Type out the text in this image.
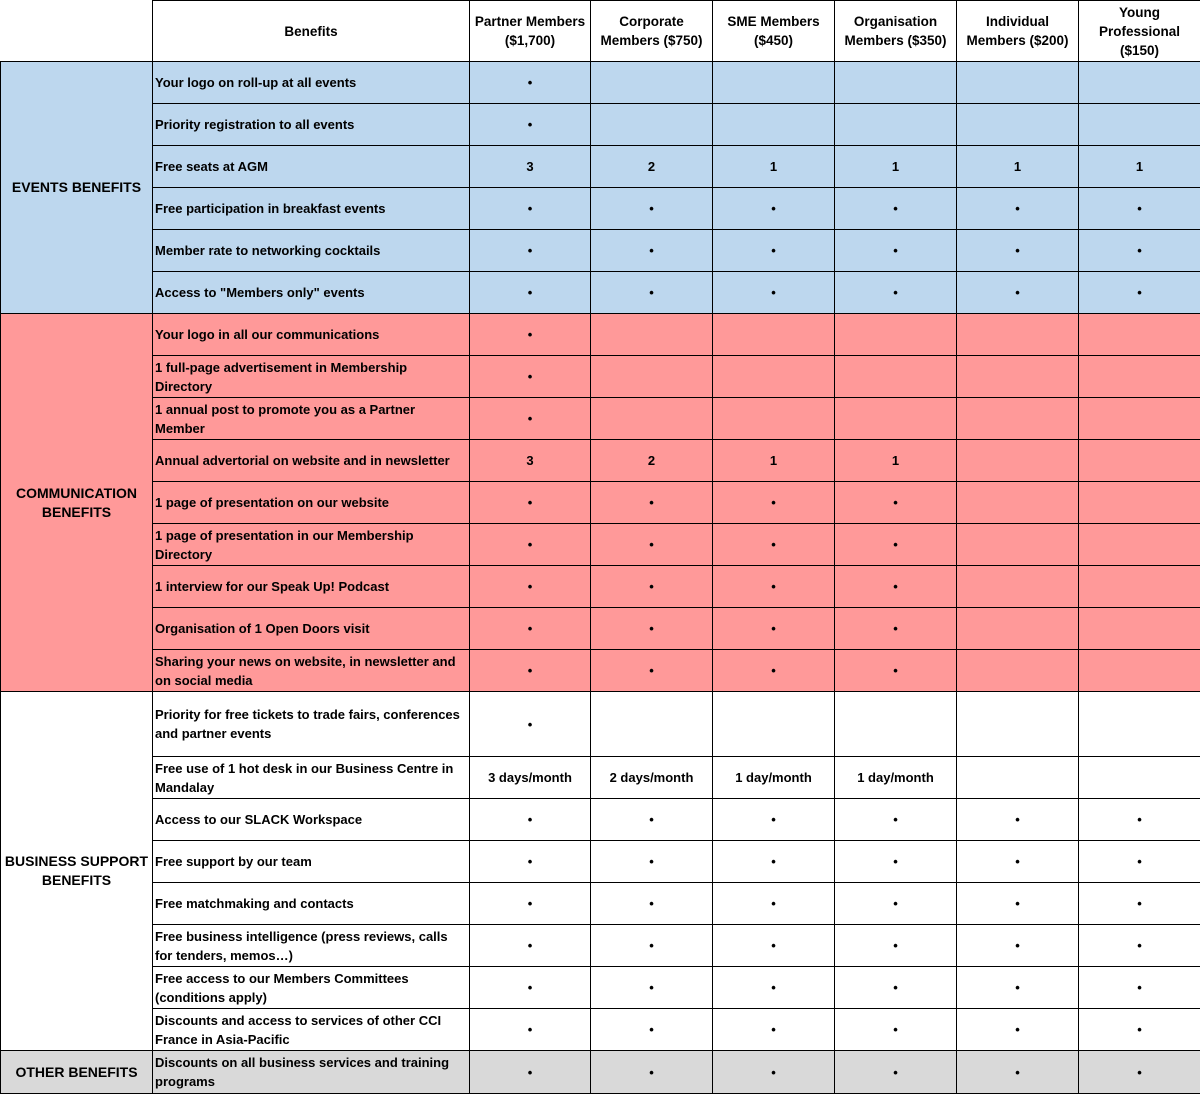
	Benefits	Partner Members ($1,700)	Corporate Members ($750)	SME Members ($450)	Organisation Members ($350)	Individual Members ($200)	Young Professional ($150)
EVENTS BENEFITS	Your logo on roll-up at all events	•					
	Priority registration to all events	•					
	Free seats at AGM	3	2	1	1	1	1
	Free participation in breakfast events	•	•	•	•	•	•
	Member rate to networking cocktails	•	•	•	•	•	•
	Access to "Members only" events	•	•	•	•	•	•
COMMUNICATION BENEFITS	Your logo in all our communications	•					
	1 full-page advertisement in Membership Directory	•					
	1 annual post to promote you as a Partner Member	•					
	Annual advertorial on website and in newsletter	3	2	1	1		
	1 page of presentation on our website	•	•	•	•		
	1 page of presentation in our Membership Directory	•	•	•	•		
	1 interview for our Speak Up! Podcast	•	•	•	•		
	Organisation of 1 Open Doors visit	•	•	•	•		
	Sharing your news on website, in newsletter and on social media	•	•	•	•		
BUSINESS SUPPORT BENEFITS	Priority for free tickets to trade fairs, conferences and partner events	•					
	Free use of 1 hot desk in our Business Centre in Mandalay	3 days/month	2 days/month	1 day/month	1 day/month		
	Access to our SLACK Workspace	•	•	•	•	•	•
	Free support by our team	•	•	•	•	•	•
	Free matchmaking and contacts	•	•	•	•	•	•
	Free business intelligence (press reviews, calls for tenders, memos…)	•	•	•	•	•	•
	Free access to our Members Committees (conditions apply)	•	•	•	•	•	•
	Discounts and access to services of other CCI France in Asia-Pacific	•	•	•	•	•	•
OTHER BENEFITS	Discounts on all business services and training programs	•	•	•	•	•	•
